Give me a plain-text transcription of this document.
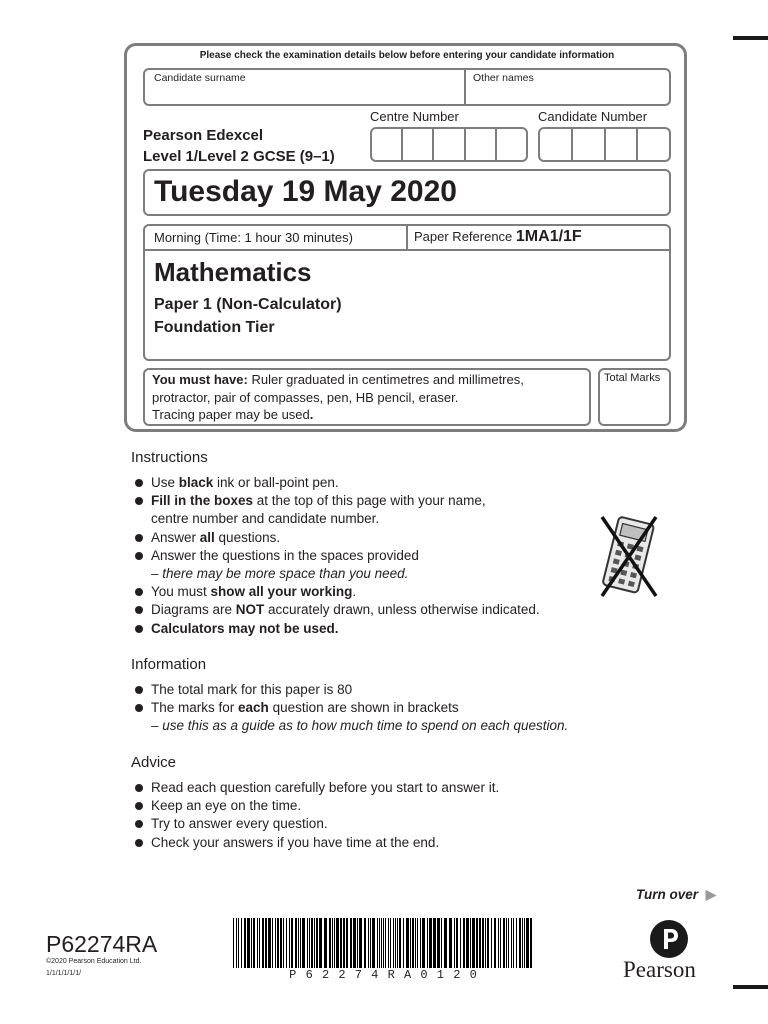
Please check the examination details below before entering your candidate information
Candidate surname	Other names
Centre Number	Candidate Number
Pearson Edexcel
Level 1/Level 2 GCSE (9–1)
Tuesday 19 May 2020
Morning (Time: 1 hour 30 minutes)	Paper Reference 1MA1/1F
Mathematics
Paper 1 (Non-Calculator)
Foundation Tier
You must have: Ruler graduated in centimetres and millimetres,
protractor, pair of compasses, pen, HB pencil, eraser.
Tracing paper may be used.
Total Marks
Instructions
Use black ink or ball-point pen.
Fill in the boxes at the top of this page with your name,
centre number and candidate number.
Answer all questions.
Answer the questions in the spaces provided
– there may be more space than you need.
You must show all your working.
Diagrams are NOT accurately drawn, unless otherwise indicated.
Calculators may not be used.
Information
The total mark for this paper is 80
The marks for each question are shown in brackets
– use this as a guide as to how much time to spend on each question.
Advice
Read each question carefully before you start to answer it.
Keep an eye on the time.
Try to answer every question.
Check your answers if you have time at the end.
Turn over ▶
P62274RA
©2020 Pearson Education Ltd.
1/1/1/1/1/1/	P 6 2 2 7 4 R A 0 1 2 0	Pearson
